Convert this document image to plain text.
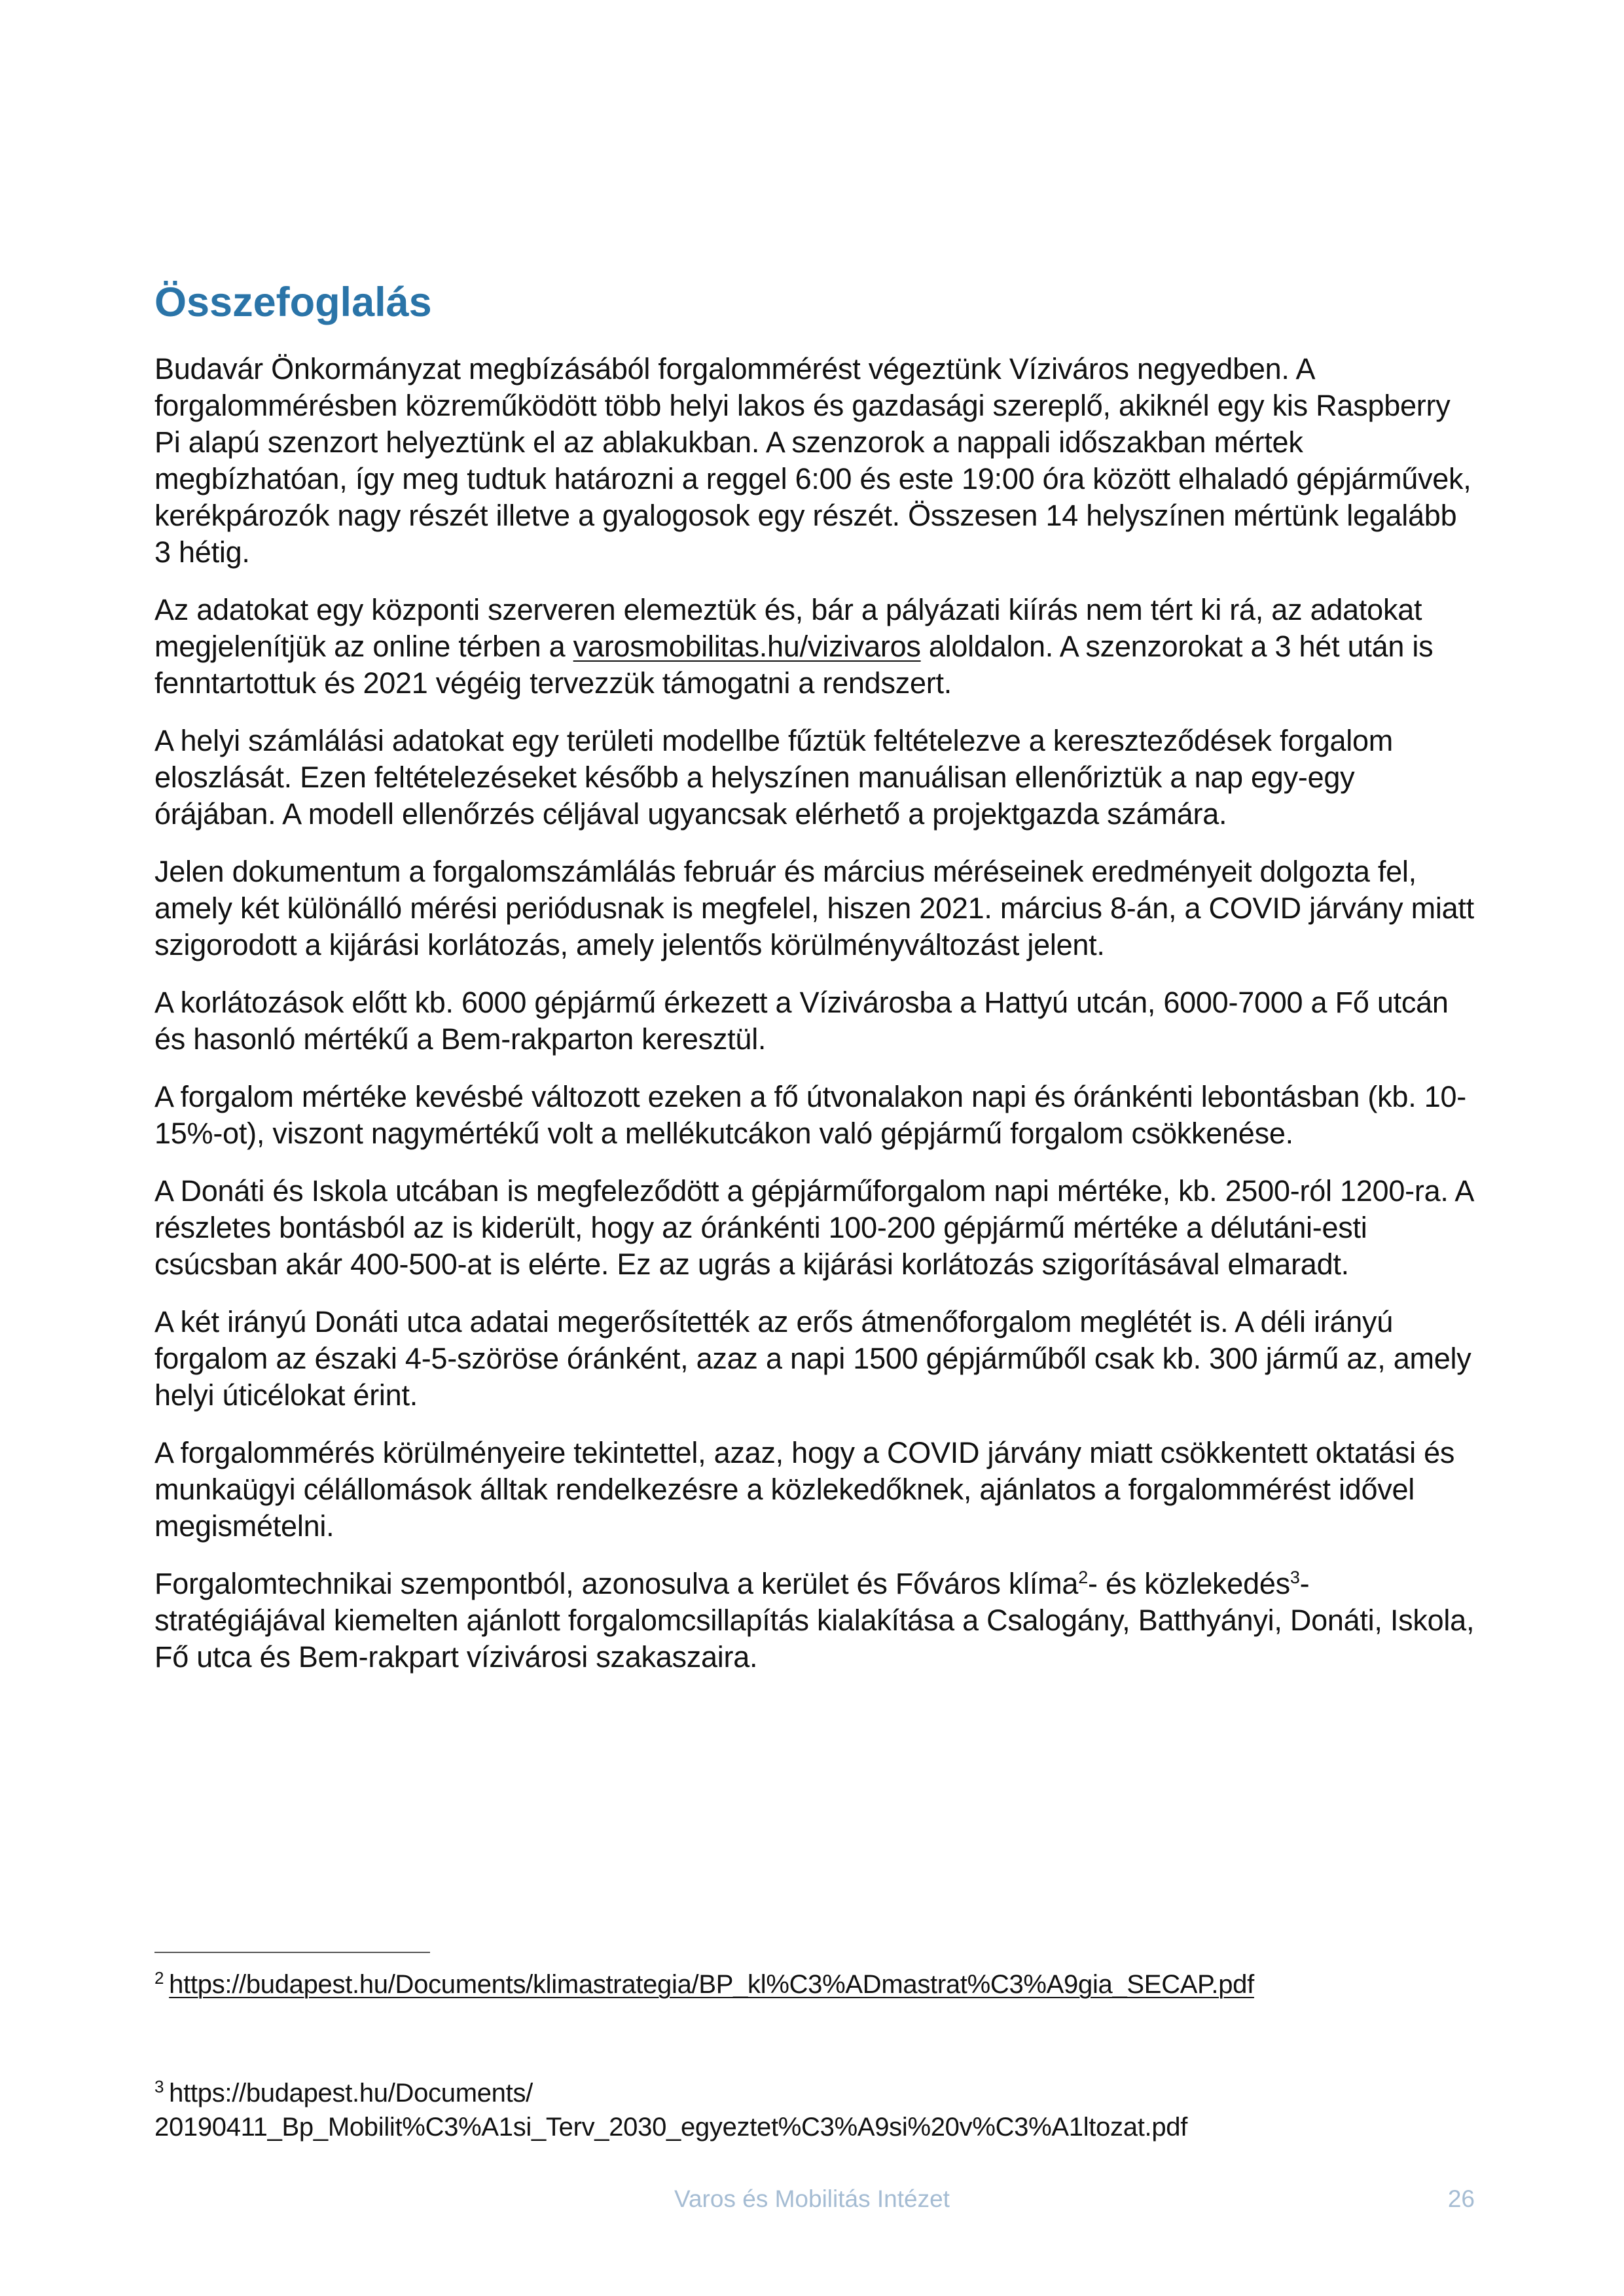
Összefoglalás

Budavár Önkormányzat megbízásából forgalommérést végeztünk Víziváros negyedben. A forgalommérésben közreműködött több helyi lakos és gazdasági szereplő, akiknél egy kis Raspberry Pi alapú szenzort helyeztünk el az ablakukban. A szenzorok a nappali időszakban mértek megbízhatóan, így meg tudtuk határozni a reggel 6:00 és este 19:00 óra között elhaladó gépjárművek, kerékpározók nagy részét illetve a gyalogosok egy részét. Összesen 14 helyszínen mértünk legalább 3 hétig.

Az adatokat egy központi szerveren elemeztük és, bár a pályázati kiírás nem tért ki rá, az adatokat megjelenítjük az online térben a varosmobilitas.hu/vizivaros aloldalon. A szenzorokat a 3 hét után is fenntartottuk és 2021 végéig tervezzük támogatni a rendszert.

A helyi számlálási adatokat egy területi modellbe fűztük feltételezve a kereszteződések forgalom eloszlását. Ezen feltételezéseket később a helyszínen manuálisan ellenőriztük a nap egy-egy órájában. A modell ellenőrzés céljával ugyancsak elérhető a projektgazda számára.

Jelen dokumentum a forgalomszámlálás február és március méréseinek eredményeit dolgozta fel, amely két különálló mérési periódusnak is megfelel, hiszen 2021. március 8-án, a COVID járvány miatt szigorodott a kijárási korlátozás, amely jelentős körülményváltozást jelent.

A korlátozások előtt kb. 6000 gépjármű érkezett a Vízivárosba a Hattyú utcán, 6000-7000 a Fő utcán és hasonló mértékű a Bem-rakparton keresztül.

A forgalom mértéke kevésbé változott ezeken a fő útvonalakon napi és óránkénti lebontásban (kb. 10-15%-ot), viszont nagymértékű volt a mellékutcákon való gépjármű forgalom csökkenése.

A Donáti és Iskola utcában is megfeleződött a gépjárműforgalom napi mértéke, kb. 2500-ról 1200-ra. A részletes bontásból az is kiderült, hogy az óránkénti 100-200 gépjármű mértéke a délutáni-esti csúcsban akár 400-500-at is elérte. Ez az ugrás a kijárási korlátozás szigorításával elmaradt.

A két irányú Donáti utca adatai megerősítették az erős átmenőforgalom meglétét is. A déli irányú forgalom az északi 4-5-szöröse óránként, azaz a napi 1500 gépjárműből csak kb. 300 jármű az, amely helyi úticélokat érint.

A forgalommérés körülményeire tekintettel, azaz, hogy a COVID járvány miatt csökkentett oktatási és munkaügyi célállomások álltak rendelkezésre a közlekedőknek, ajánlatos a forgalommérést idővel megismételni.

Forgalomtechnikai szempontból, azonosulva a kerület és Főváros klíma$^2$- és közlekedés$^3$-stratégiájával kiemelten ajánlott forgalomcsillapítás kialakítása a Csalogány, Batthyányi, Donáti, Iskola, Fő utca és Bem-rakpart vízivárosi szakaszaira.

$^2$ https://budapest.hu/Documents/klimastrategia/BP_kl%C3%ADmastrat%C3%A9gia_SECAP.pdf
$^3$ https://budapest.hu/Documents/
20190411_Bp_Mobilit%C3%A1si_Terv_2030_egyeztet%C3%A9si%20v%C3%A1ltozat.pdf
Varos és Mobilitás Intézet	26
